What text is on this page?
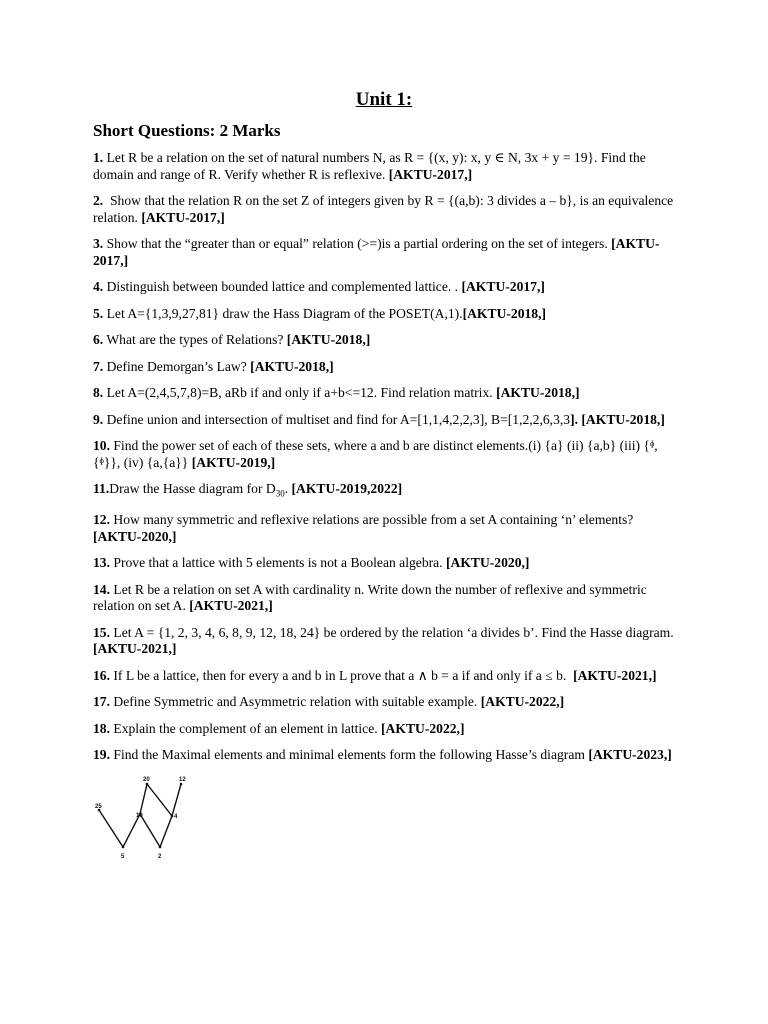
Unit 1:
Short Questions: 2 Marks

1. Let R be a relation on the set of natural numbers N, as R = {(x, y): x, y ∈ N, 3x + y = 19}. Find the domain and range of R. Verify whether R is reflexive. [AKTU-2017,]

2.  Show that the relation R on the set Z of integers given by R = {(a,b): 3 divides a – b}, is an equivalence relation. [AKTU-2017,]

3. Show that the “greater than or equal” relation (>=)is a partial ordering on the set of integers. [AKTU-2017,]

4. Distinguish between bounded lattice and complemented lattice. . [AKTU-2017,]

5. Let A={1,3,9,27,81} draw the Hass Diagram of the POSET(A,1).[AKTU-2018,]

6. What are the types of Relations? [AKTU-2018,]

7. Define Demorgan’s Law? [AKTU-2018,]

8. Let A=(2,4,5,7,8)=B, aRb if and only if a+b<=12. Find relation matrix. [AKTU-2018,]

9. Define union and intersection of multiset and find for A=[1,1,4,2,2,3], B=[1,2,2,6,3,3]. [AKTU-2018,]

10. Find the power set of each of these sets, where a and b are distinct elements.(i) {a} (ii) {a,b} (iii) {ᶲ,{ᶲ}}, (iv) {a,{a}} [AKTU-2019,]

11.Draw the Hasse diagram for $D_{30}$. [AKTU-2019,2022]

12. How many symmetric and reflexive relations are possible from a set A containing ‘n’ elements? [AKTU-2020,]

13. Prove that a lattice with 5 elements is not a Boolean algebra. [AKTU-2020,]

14. Let R be a relation on set A with cardinality n. Write down the number of reflexive and symmetric relation on set A. [AKTU-2021,]

15. Let A = {1, 2, 3, 4, 6, 8, 9, 12, 18, 24} be ordered by the relation ‘a divides b’. Find the Hasse diagram. [AKTU-2021,]

16. If L be a lattice, then for every a and b in L prove that a ∧ b = a if and only if a ≤ b.  [AKTU-2021,]

17. Define Symmetric and Asymmetric relation with suitable example. [AKTU-2022,]

18. Explain the complement of an element in lattice. [AKTU-2022,]

19. Find the Maximal elements and minimal elements form the following Hasse’s diagram [AKTU-2023,]

20	12
25
10	4
5	2
